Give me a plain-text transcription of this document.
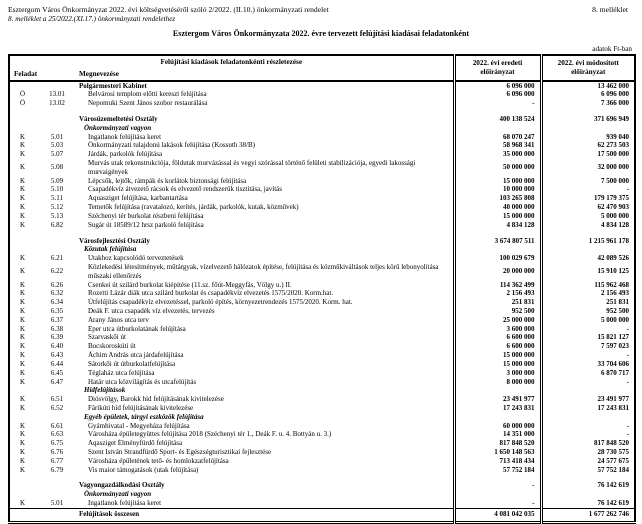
Esztergom Város Önkormányzat 2022. évi költségvetéséről szóló 2/2022. (II.10.) önkormányzati rendelet
8. melléklet a 25/2022.(XI.17.) önkormányzati rendelethez
8. melléklet
Esztergom Város Önkormányzata 2022. évre tervezett felújítási kiadásai feladatonként
adatok Ft-ban
Felújítási kiadások feladatonkénti részletezése			2022. évi eredeti előirányzat	2022. évi módosított előirányzat
Feladat		Megnevezése		
		Polgármesteri Kabinet	6 096 000	13 462 000
Ö	13.01	Belvárosi templom előtti kereszt felújítása	6 096 000	6 096 000
Ö	13.02	Nepomuki Szent János szobor restaurálása	-	7 366 000

		Városüzemeltetési Osztály	400 138 524	371 696 949
		Önkormányzati vagyon		
K	5.01	Ingatlanok felújítása keret	68 070 247	939 040
K	5.03	Önkormányzati tulajdonú lakások felújítása (Kossuth 38/B)	58 968 341	62 273 503
K	5.07	Járdák, parkolók felújítása	35 000 000	17 500 000
K	5.08	Murvás utak rekonstrukciója, földutak murvázással és vegyi szórással történő felületi stabilizációja, egyedi lakossági murvaigények	50 000 000	32 000 000
K	5.09	Lépcsők, lejtők, rámpák és korlátok biztonsági felújítása	15 000 000	7 500 000
K	5.10	Csapadékvíz átvezető rácsok és elvezető rendszerük tisztítása, javítás	10 000 000	-
K	5.11	Aquasziget felújítása, karbantartása	103 265 808	179 179 375
K	5.12	Temetők felújítása (ravatalozó, kerítés, járdák, parkolók, kutak, közművek)	40 000 000	62 470 903
K	5.13	Széchenyi tér burkolat részbeni felújítása	15 000 000	5 000 000
K	6.82	Sugár út 18589/12 hrsz parkoló felújítása	4 834 128	4 834 128

		Városfejlesztési Osztály	3 674 807 511	1 215 961 178
		Közutak felújítása		
K	6.21	Utakhoz kapcsolódó terveztetések	100 029 679	42 089 526
K	6.22	Közlekedési létesítmények, műtárgyak, vízelvezető hálózatok építése, felújítása és közműkiváltások teljes körű lebonyolítása műszaki ellenőrzés	20 000 000	15 910 125
K	6.26	Csenkei út szilárd burkolat kiépítése (11.sz. főút-Meggyfás, Völgy u.) II.	114 362 499	115 962 468
K	6.32	Rozetti Lázár diák utca szilárd burkolat és csapadékvíz elvezetés 1575/2020. Korm.hat.	2 156 493	2 156 493
K	6.34	Útfelújítás csapadékvíz elvezetéssel, parkoló építés, környezetrendezés 1575/2020. Korm. hat.	251 831	251 831
K	6.35	Deák F. utca csapadék víz elvezetés, tervezés	952 500	952 500
K	6.37	Arany János utca terv	25 000 000	5 000 000
K	6.38	Eper utca útburkolatának felújítása	3 600 000	-
K	6.39	Szarvaskői út	6 600 000	15 821 127
K	6.40	Bocskoroskúti út	6 600 000	7 597 023
K	6.43	Áchim András utca járdafelújítása	15 000 000	-
K	6.44	Sátorkői út útburkolatfelújítása	15 000 000	33 704 606
K	6.45	Téglaház utca felújítása	3 000 000	6 870 717
K	6.47	Határ utca közvilágítás és utcafelújítás	8 000 000	-
		Hídfelújítások		
K	6.51	Diósvölgy, Barokk híd felújításának kivitelezése	23 491 977	23 491 977
K	6.52	Fárikúti híd felújításának kivitelezése	17 243 831	17 243 831
		Egyéb épületek, tárgyi eszközök felújítása		
K	6.61	Gyámhivatal - Megyeháza felújítása	60 000 000	-
K	6.63	Városháza épületegyüttes felújítása 2018 (Széchenyi tér 1., Deák F. u. 4. Bottyán u. 3.)	14 351 000	-
K	6.75	Aqasziget Élményfürdő felújítása	817 848 520	817 848 520
K	6.76	Szent István Strandfürdő Sport- és Egészségturisztikai fejlesztése	1 650 148 563	28 730 575
K	6.77	Városháza épületének tető- és homlokzatfelújítása	713 418 434	24 577 675
K	6.79	Vis maior támogatások (utak felújítása)	57 752 184	57 752 184

		Vagyongazdálkodási Osztály	-	76 142 619
		Önkormányzati vagyon		
K	5.01	Ingatlanok felújítása keret	-	76 142 619
		Felújítások összesen	4 081 042 035	1 677 262 746
